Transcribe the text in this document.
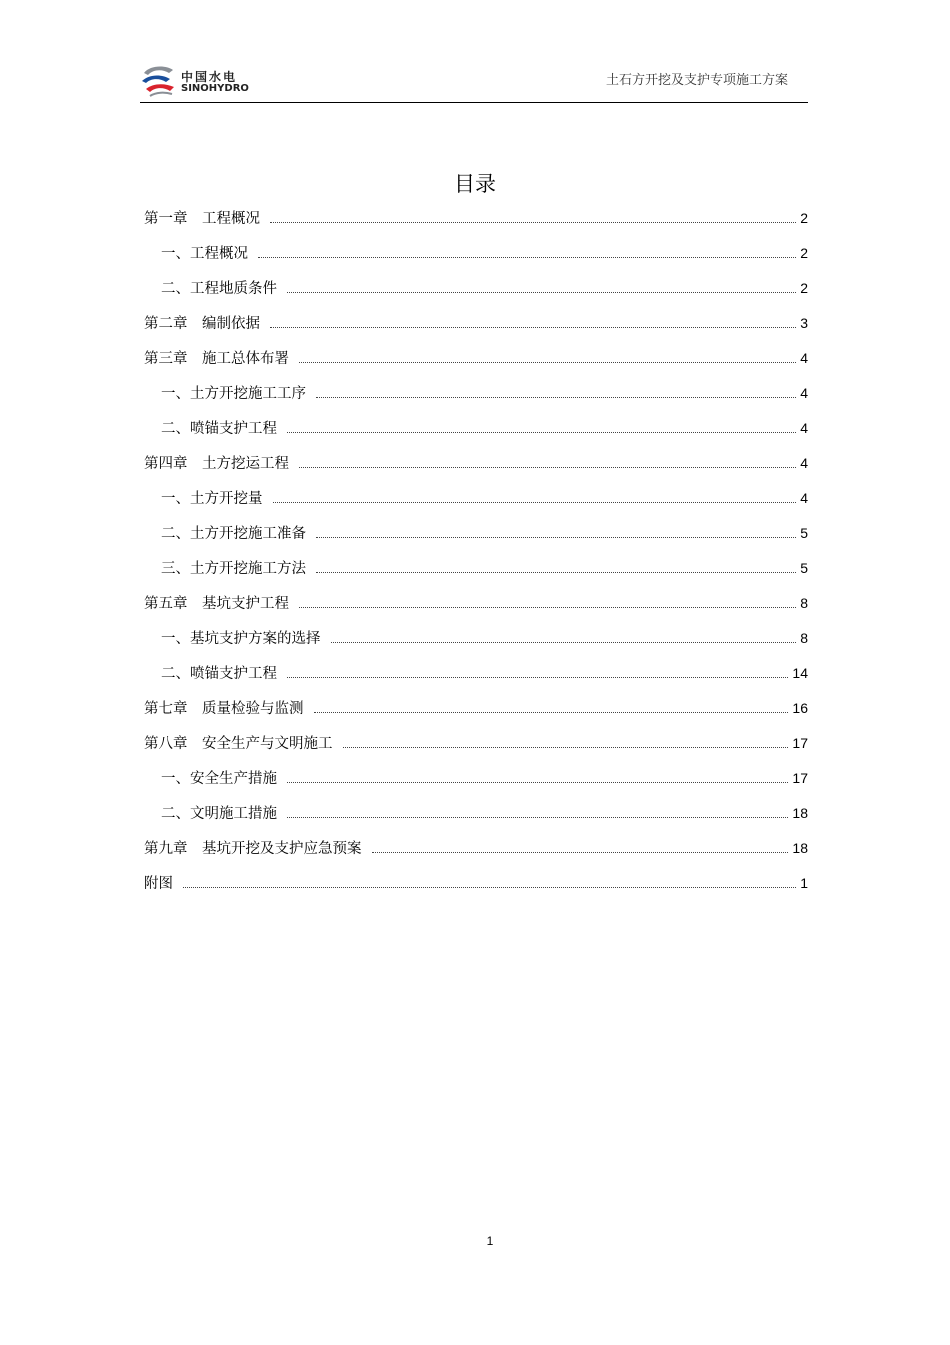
中国水电
SINOHYDRO
土石方开挖及支护专项施工方案
目录
第一章　工程概况	2
一、工程概况	2
二、工程地质条件	2
第二章　编制依据	3
第三章　施工总体布署	4
一、土方开挖施工工序	4
二、喷锚支护工程	4
第四章　土方挖运工程	4
一、土方开挖量	4
二、土方开挖施工准备	5
三、土方开挖施工方法	5
第五章　基坑支护工程	8
一、基坑支护方案的选择	8
二、喷锚支护工程	14
第七章　质量检验与监测	16
第八章　安全生产与文明施工	17
一、安全生产措施	17
二、文明施工措施	18
第九章　基坑开挖及支护应急预案	18
附图	1
1
